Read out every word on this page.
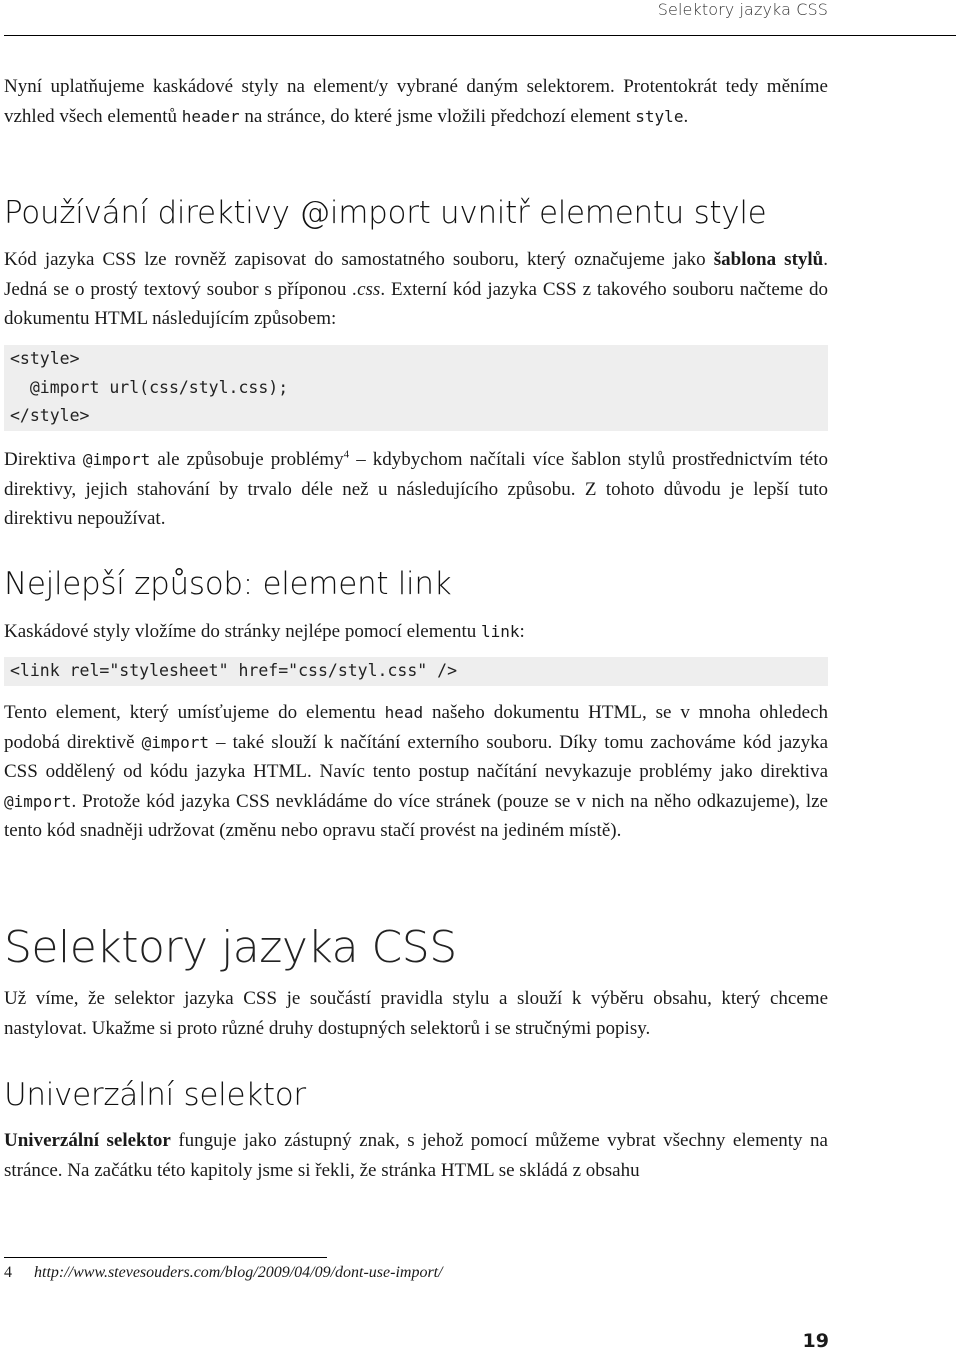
Selektory jazyka CSS

Nyní uplatňujeme kaskádové styly na element/y vybrané daným selektorem. Protentokrát tedy měníme vzhled všech elementů header na stránce, do které jsme vložili předchozí element style.

Používání direktivy @import uvnitř elementu style

Kód jazyka CSS lze rovněž zapisovat do samostatného souboru, který označujeme jako šablona stylů. Jedná se o prostý textový soubor s příponou .css. Externí kód jazyka CSS z takového souboru načteme do dokumentu HTML následujícím způsobem:

<style>
@import url(css/styl.css);
</style>

Direktiva @import ale způsobuje problémy$^4$ – kdybychom načítali více šablon stylů prostřednictvím této direktivy, jejich stahování by trvalo déle než u následujícího způsobu. Z tohoto důvodu je lepší tuto direktivu nepoužívat.

Nejlepší způsob: element link

Kaskádové styly vložíme do stránky nejlépe pomocí elementu link:

<link rel="stylesheet" href="css/styl.css" />

Tento element, který umísťujeme do elementu head našeho dokumentu HTML, se v mnoha ohledech podobá direktivě @import – také slouží k načítání externího souboru. Díky tomu zachováme kód jazyka CSS oddělený od kódu jazyka HTML. Navíc tento postup načítání nevykazuje problémy jako direktiva @import. Protože kód jazyka CSS nevkládáme do více stránek (pouze se v nich na něho odkazujeme), lze tento kód snadněji udržovat (změnu nebo opravu stačí provést na jediném místě).

Selektory jazyka CSS

Už víme, že selektor jazyka CSS je součástí pravidla stylu a slouží k výběru obsahu, který chceme nastylovat. Ukažme si proto různé druhy dostupných selektorů i se stručnými popisy.

Univerzální selektor

Univerzální selektor funguje jako zástupný znak, s jehož pomocí můžeme vybrat všechny elementy na stránce. Na začátku této kapitoly jsme si řekli, že stránka HTML se skládá z obsahu

4 http://www.stevesouders.com/blog/2009/04/09/dont-use-import/
19
